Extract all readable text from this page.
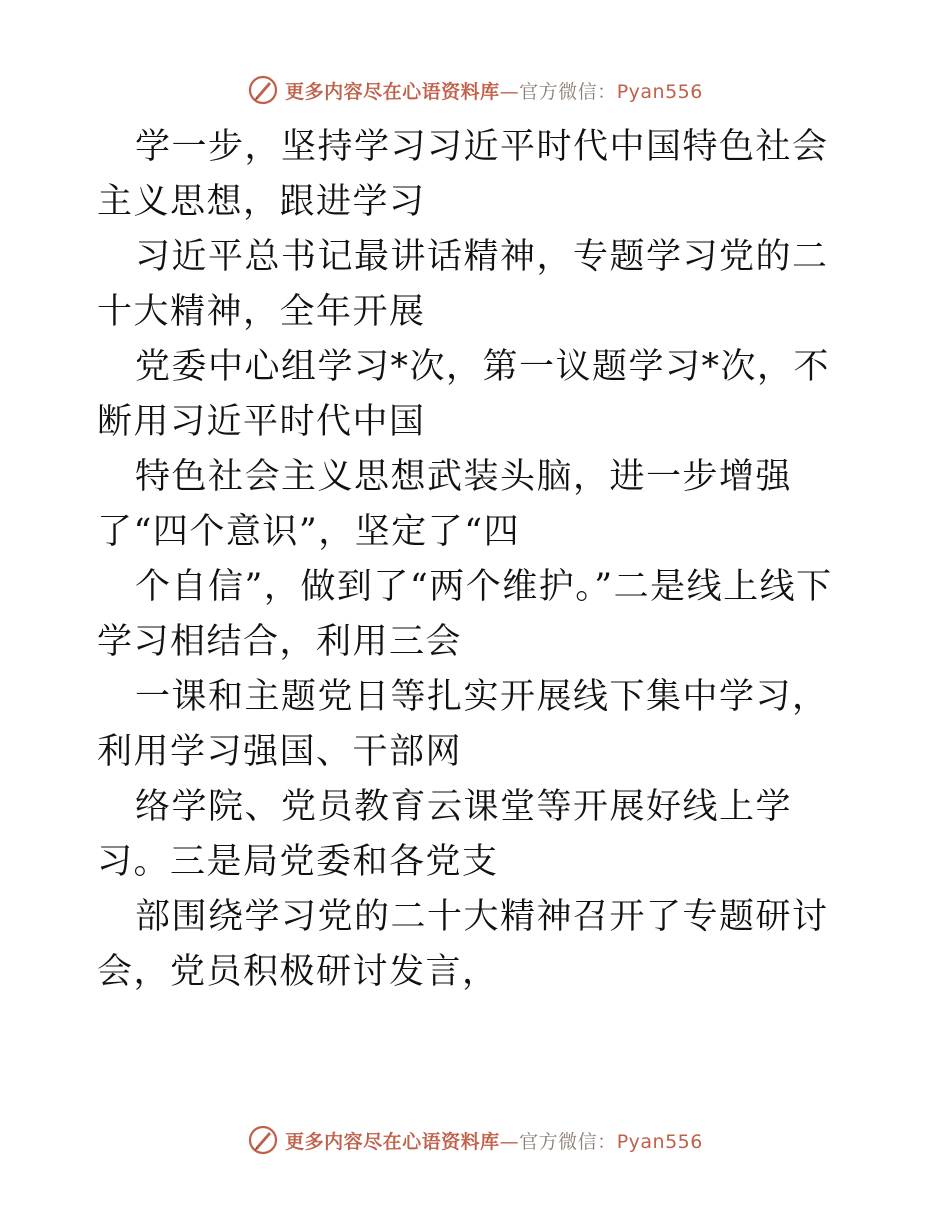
更多内容尽在心语资料库—官方微信：Pyan556

学一步，坚持学习习近平时代中国特色社会主义思想，跟进学习

习近平总书记最讲话精神，专题学习党的二十大精神，全年开展

党委中心组学习*次，第一议题学习*次，不断用习近平时代中国

特色社会主义思想武装头脑，进一步增强了“四个意识”，坚定了“四

个自信”，做到了“两个维护。”二是线上线下学习相结合，利用三会

一课和主题党日等扎实开展线下集中学习，利用学习强国、干部网

络学院、党员教育云课堂等开展好线上学习。三是局党委和各党支

部围绕学习党的二十大精神召开了专题研讨会，党员积极研讨发言，

更多内容尽在心语资料库—官方微信：Pyan556
